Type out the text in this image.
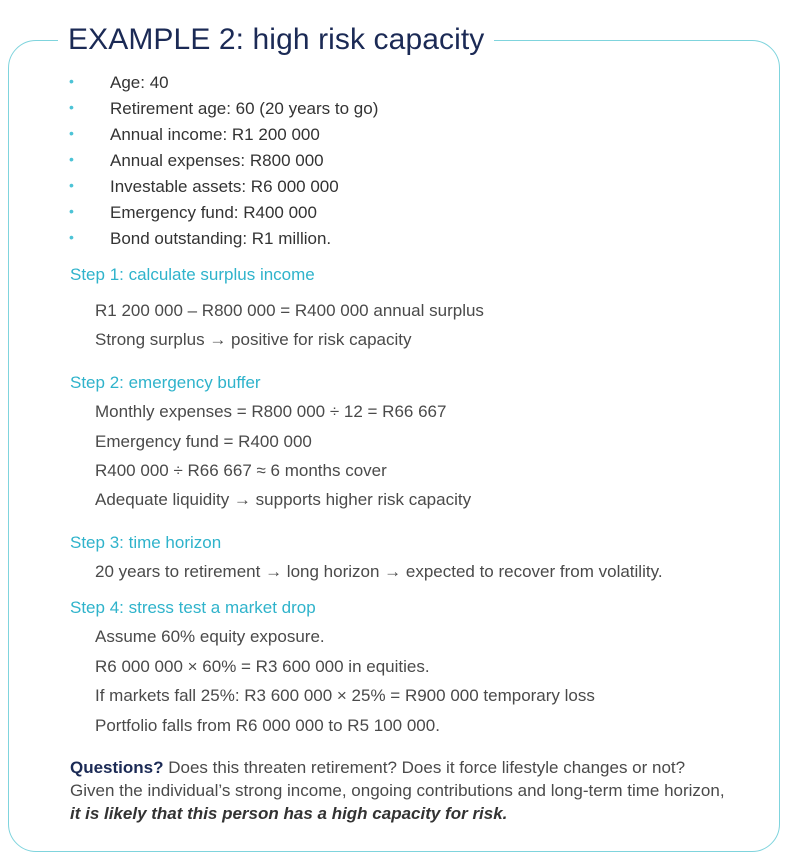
EXAMPLE 2: high risk capacity
• Age: 40
• Retirement age: 60 (20 years to go)
• Annual income: R1 200 000
• Annual expenses: R800 000
• Investable assets: R6 000 000
• Emergency fund: R400 000
• Bond outstanding: R1 million.
Step 1: calculate surplus income

R1 200 000 – R800 000 = R400 000 annual surplus

Strong surplus → positive for risk capacity

Step 2: emergency buffer

Monthly expenses = R800 000 ÷ 12 = R66 667

Emergency fund = R400 000

R400 000 ÷ R66 667 ≈ 6 months cover

Adequate liquidity → supports higher risk capacity

Step 3: time horizon

20 years to retirement → long horizon → expected to recover from volatility.

Step 4: stress test a market drop

Assume 60% equity exposure.

R6 000 000 × 60% = R3 600 000 in equities.

If markets fall 25%: R3 600 000 × 25% = R900 000 temporary loss

Portfolio falls from R6 000 000 to R5 100 000.

Questions? Does this threaten retirement? Does it force lifestyle changes or not? Given the individual’s strong income, ongoing contributions and long-term time horizon, it is likely that this person has a high capacity for risk.
